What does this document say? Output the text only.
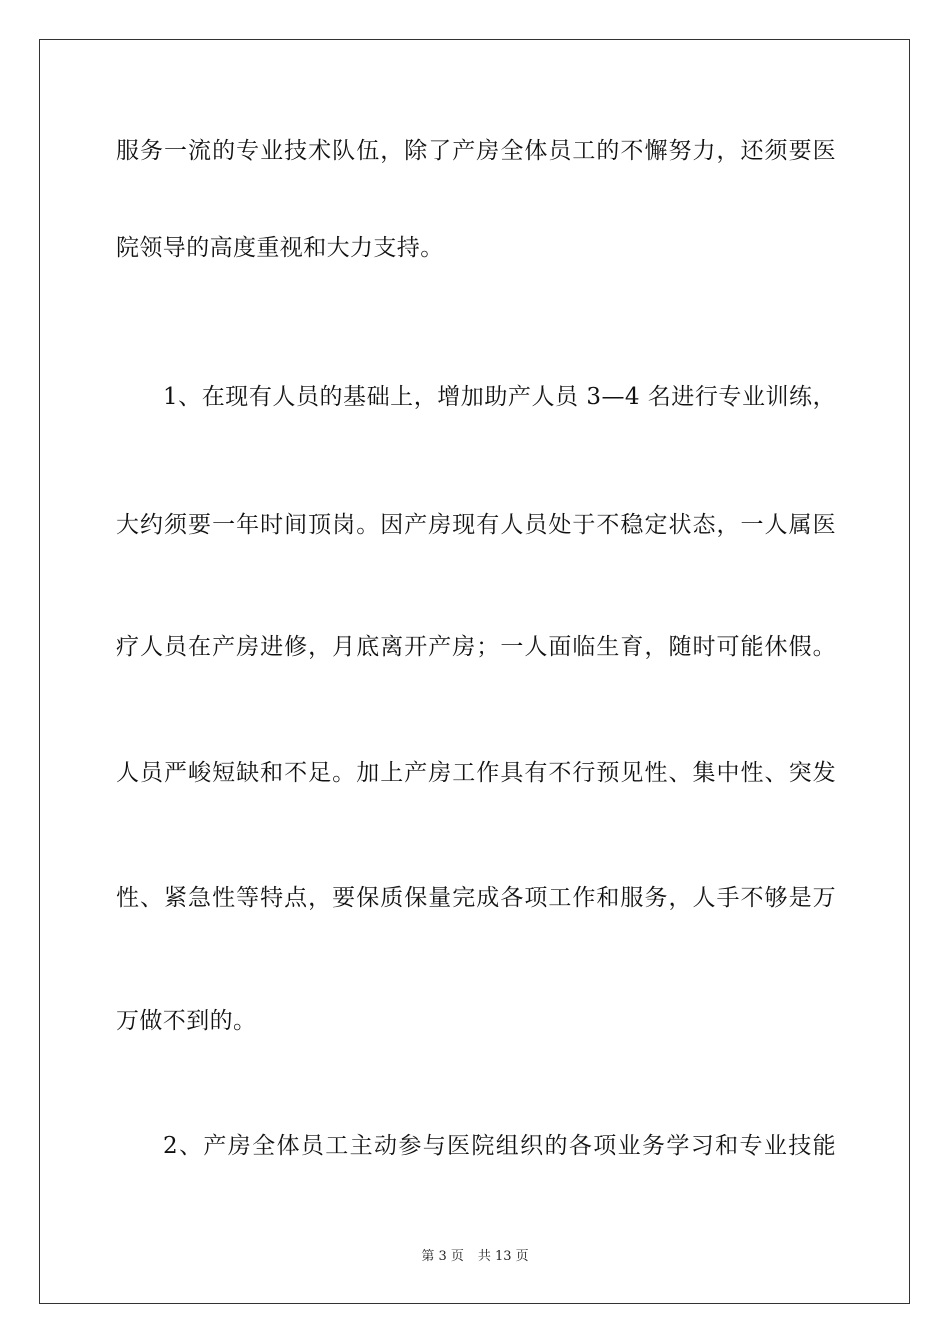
服务一流的专业技术队伍，除了产房全体员工的不懈努力，还须要医
院领导的高度重视和大力支持。
1、在现有人员的基础上，增加助产人员 3—4 名进行专业训练，
大约须要一年时间顶岗。因产房现有人员处于不稳定状态，一人属医
疗人员在产房进修，月底离开产房；一人面临生育，随时可能休假。
人员严峻短缺和不足。加上产房工作具有不行预见性、集中性、突发
性、紧急性等特点，要保质保量完成各项工作和服务，人手不够是万
万做不到的。
2、产房全体员工主动参与医院组织的各项业务学习和专业技能
第 3 页 共 13 页
